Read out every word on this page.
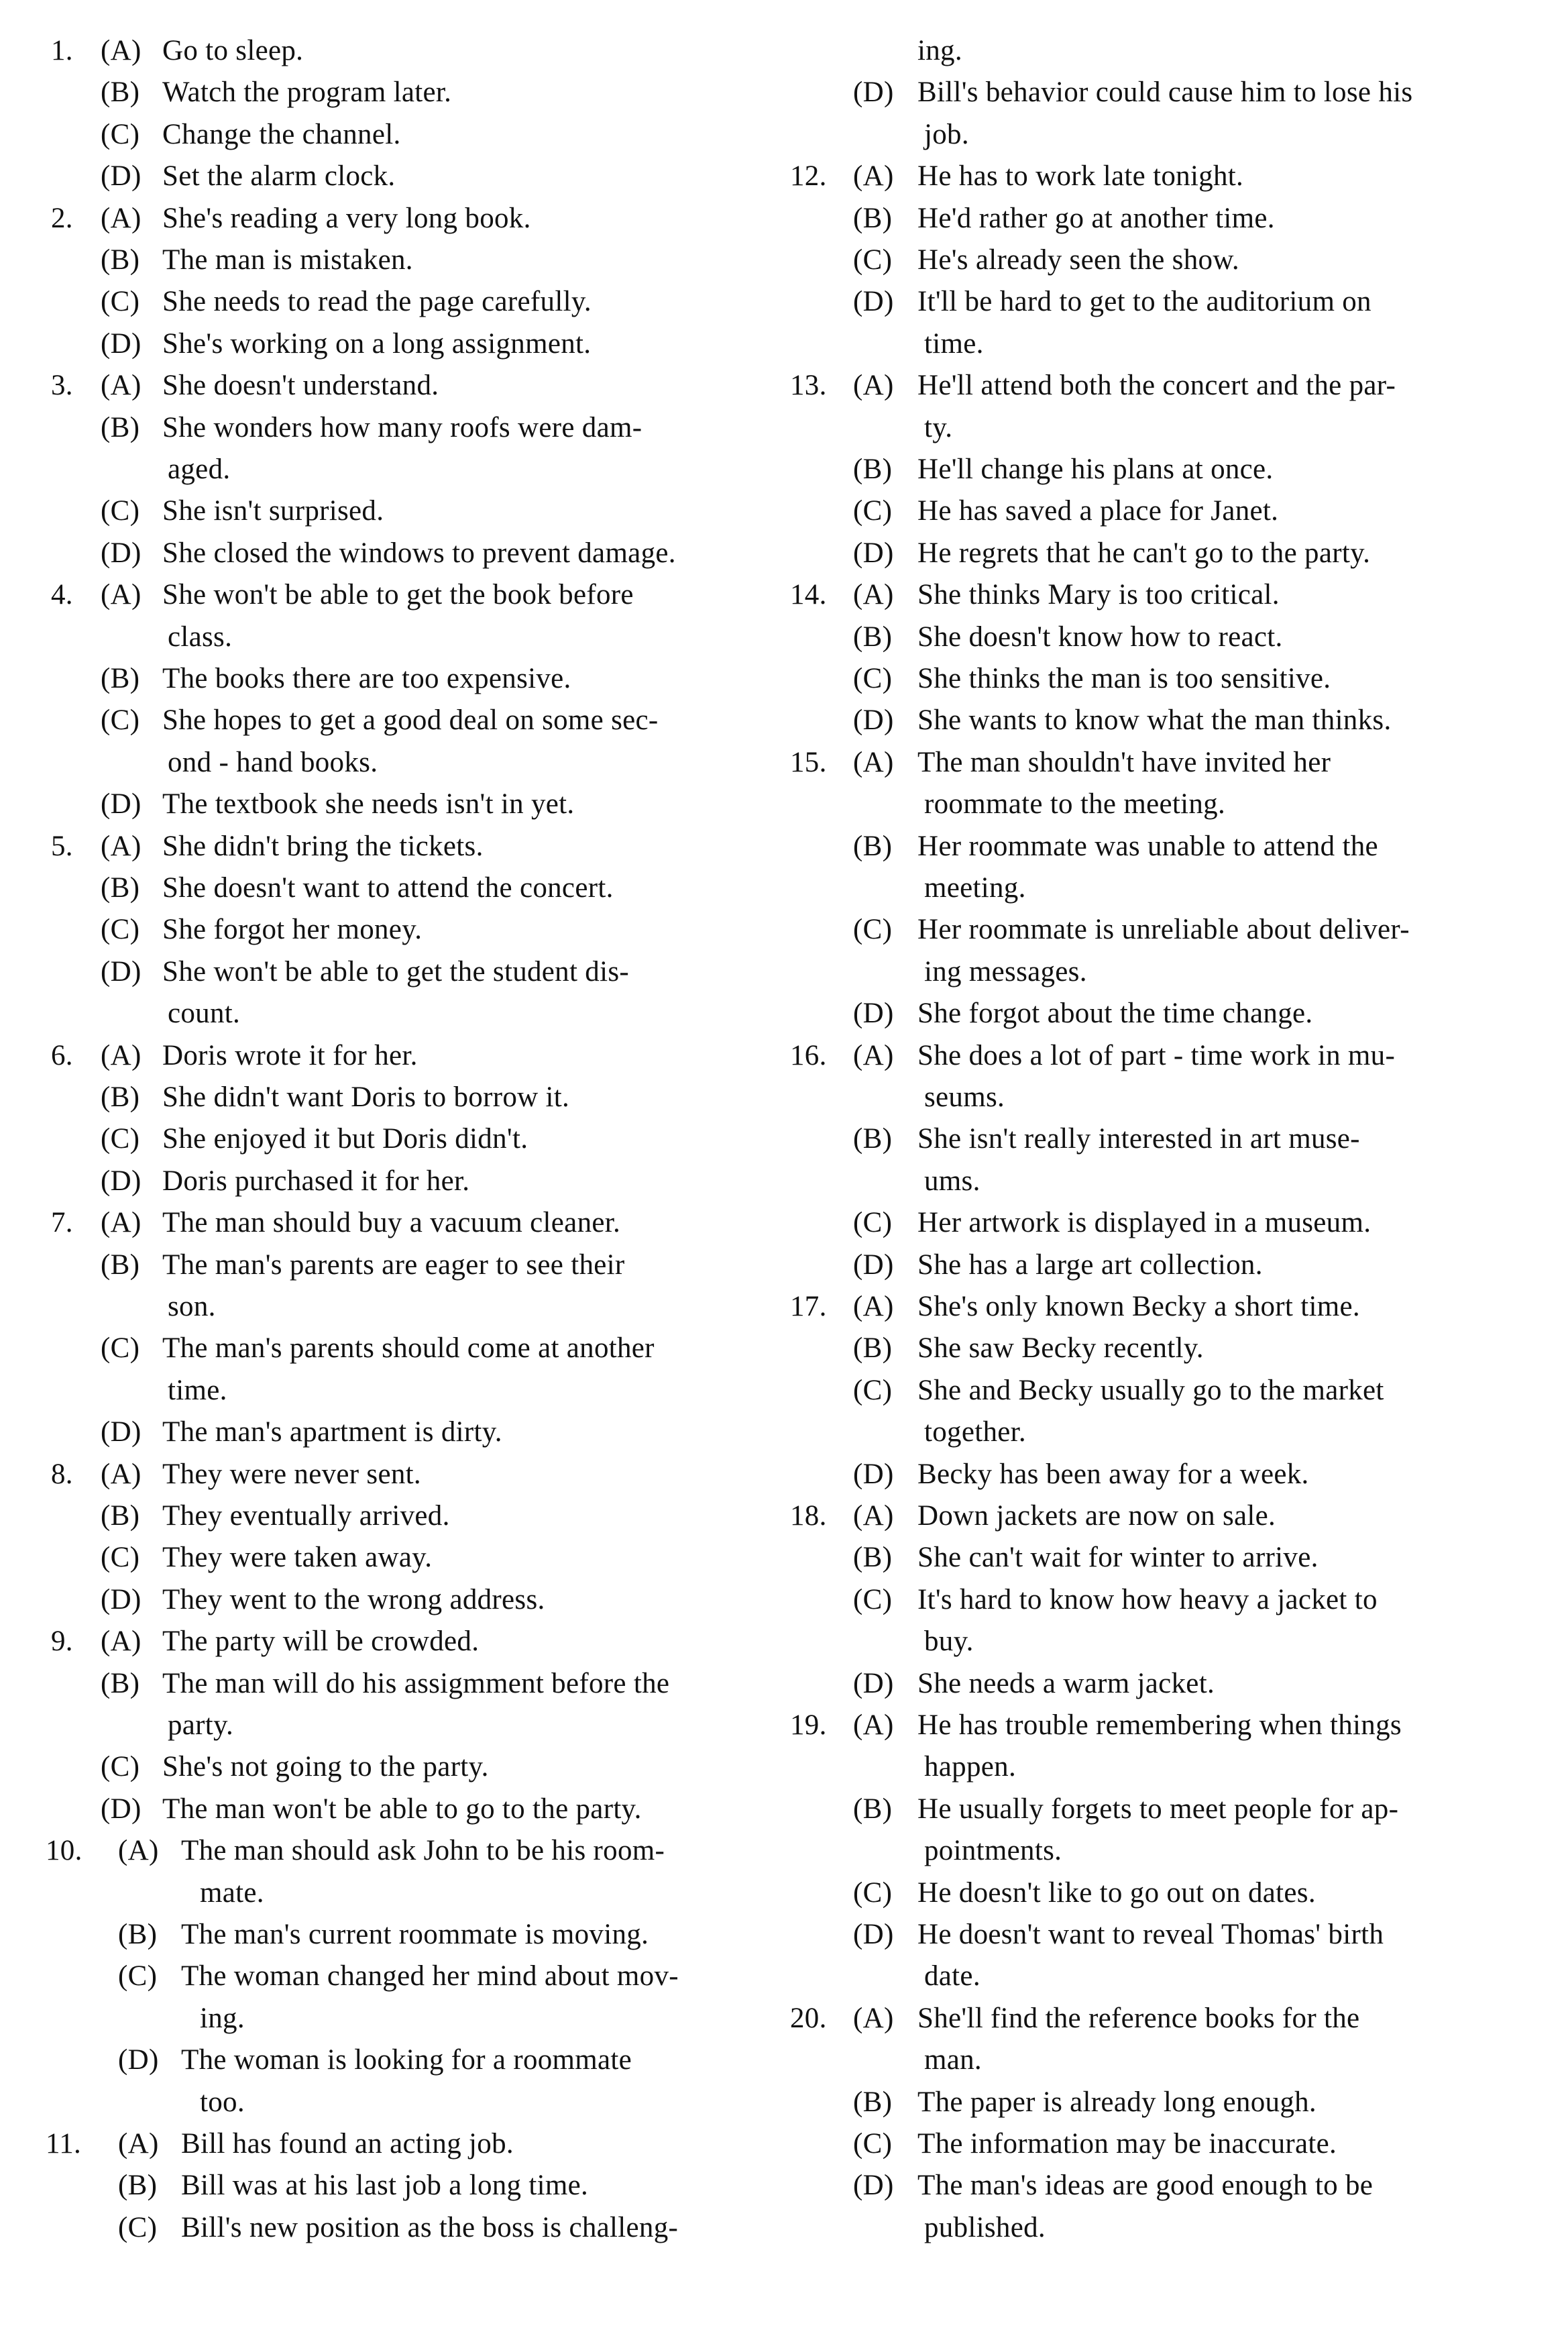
1. (A) Go to sleep.
(B) Watch the program later.
(C) Change the channel.
(D) Set the alarm clock.
2. (A) She's reading a very long book.
(B) The man is mistaken.
(C) She needs to read the page carefully.
(D) She's working on a long assignment.
3. (A) She doesn't understand.
(B) She wonders how many roofs were dam-
aged.
(C) She isn't surprised.
(D) She closed the windows to prevent damage.
4. (A) She won't be able to get the book before
class.
(B) The books there are too expensive.
(C) She hopes to get a good deal on some sec-
ond - hand books.
(D) The textbook she needs isn't in yet.
5. (A) She didn't bring the tickets.
(B) She doesn't want to attend the concert.
(C) She forgot her money.
(D) She won't be able to get the student dis-
count.
6. (A) Doris wrote it for her.
(B) She didn't want Doris to borrow it.
(C) She enjoyed it but Doris didn't.
(D) Doris purchased it for her.
7. (A) The man should buy a vacuum cleaner.
(B) The man's parents are eager to see their
son.
(C) The man's parents should come at another
time.
(D) The man's apartment is dirty.
8. (A) They were never sent.
(B) They eventually arrived.
(C) They were taken away.
(D) They went to the wrong address.
9. (A) The party will be crowded.
(B) The man will do his assigmment before the
party.
(C) She's not going to the party.
(D) The man won't be able to go to the party.
10. (A) The man should ask John to be his room-
mate.
(B) The man's current roommate is moving.
(C) The woman changed her mind about mov-
ing.
(D) The woman is looking for a roommate
too.
11. (A) Bill has found an acting job.
(B) Bill was at his last job a long time.
(C) Bill's new position as the boss is challeng-
ing.
(D) Bill's behavior could cause him to lose his
job.
12. (A) He has to work late tonight.
(B) He'd rather go at another time.
(C) He's already seen the show.
(D) It'll be hard to get to the auditorium on
time.
13. (A) He'll attend both the concert and the par-
ty.
(B) He'll change his plans at once.
(C) He has saved a place for Janet.
(D) He regrets that he can't go to the party.
14. (A) She thinks Mary is too critical.
(B) She doesn't know how to react.
(C) She thinks the man is too sensitive.
(D) She wants to know what the man thinks.
15. (A) The man shouldn't have invited her
roommate to the meeting.
(B) Her roommate was unable to attend the
meeting.
(C) Her roommate is unreliable about deliver-
ing messages.
(D) She forgot about the time change.
16. (A) She does a lot of part - time work in mu-
seums.
(B) She isn't really interested in art muse-
ums.
(C) Her artwork is displayed in a museum.
(D) She has a large art collection.
17. (A) She's only known Becky a short time.
(B) She saw Becky recently.
(C) She and Becky usually go to the market
together.
(D) Becky has been away for a week.
18. (A) Down jackets are now on sale.
(B) She can't wait for winter to arrive.
(C) It's hard to know how heavy a jacket to
buy.
(D) She needs a warm jacket.
19. (A) He has trouble remembering when things
happen.
(B) He usually forgets to meet people for ap-
pointments.
(C) He doesn't like to go out on dates.
(D) He doesn't want to reveal Thomas' birth
date.
20. (A) She'll find the reference books for the
man.
(B) The paper is already long enough.
(C) The information may be inaccurate.
(D) The man's ideas are good enough to be
published.
